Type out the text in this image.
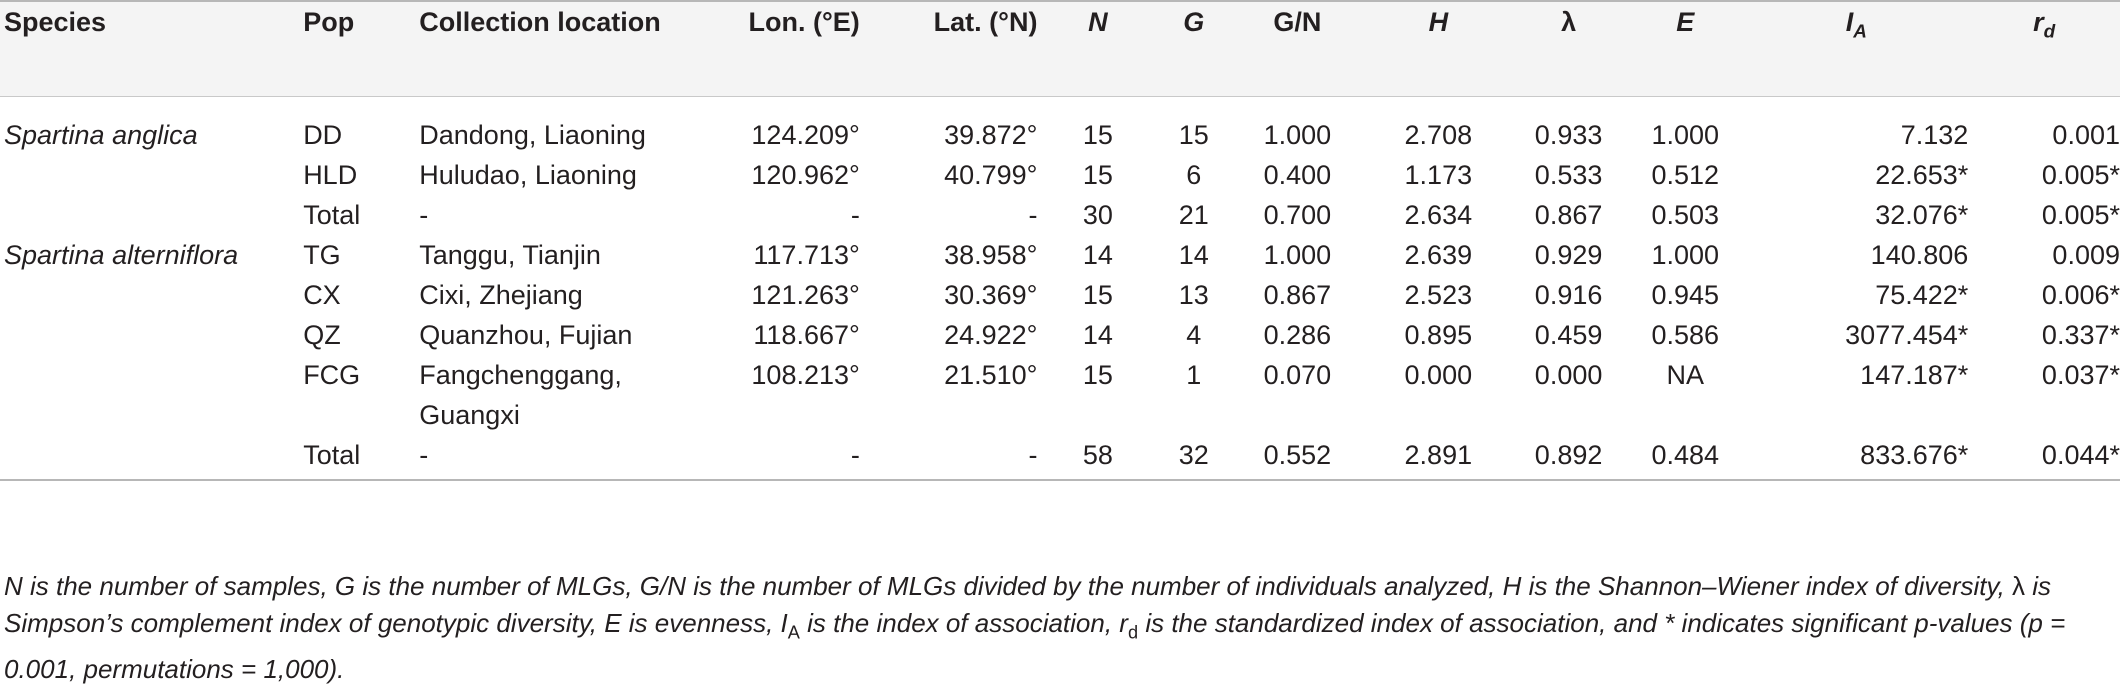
Species	Pop	Collection location	Lon. (°E)	Lat. (°N)	N	G	G/N	H	λ	E	$I_A$	$r_d$
Spartina anglica	DD	Dandong, Liaoning	124.209°	39.872°	15	15	1.000	2.708	0.933	1.000	7.132	0.001
	HLD	Huludao, Liaoning	120.962°	40.799°	15	6	0.400	1.173	0.533	0.512	22.653*	0.005*
	Total	-	-	-	30	21	0.700	2.634	0.867	0.503	32.076*	0.005*
Spartina alterniflora	TG	Tanggu, Tianjin	117.713°	38.958°	14	14	1.000	2.639	0.929	1.000	140.806	0.009
	CX	Cixi, Zhejiang	121.263°	30.369°	15	13	0.867	2.523	0.916	0.945	75.422*	0.006*
	QZ	Quanzhou, Fujian	118.667°	24.922°	14	4	0.286	0.895	0.459	0.586	3077.454*	0.337*
	FCG	Fangchenggang, Guangxi	108.213°	21.510°	15	1	0.070	0.000	0.000	NA	147.187*	0.037*
	Total	-	-	-	58	32	0.552	2.891	0.892	0.484	833.676*	0.044*
N is the number of samples, G is the number of MLGs, G/N is the number of MLGs divided by the number of individuals analyzed, H is the Shannon–Wiener index of diversity, λ is Simpson’s complement index of genotypic diversity, E is evenness, $I_A$ is the index of association, $r_d$ is the standardized index of association, and * indicates significant p-values (p = 0.001, permutations = 1,000).
